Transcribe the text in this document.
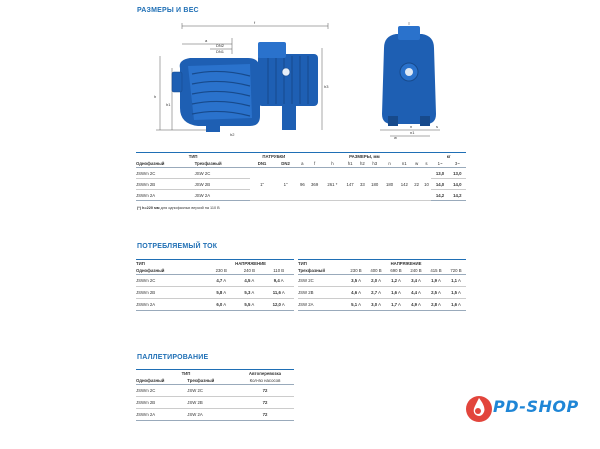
РАЗМЕРЫ И ВЕС
f
a
DN2
DN1
h
h1
h3
h2
n
n1
s
w
ТИП		ПАТРУБКИ		РАЗМЕРЫ, мм										кг	
Однофазный	Трехфазный	DN1	DN2	a	f	h	h1	h2	h3	n	n1	w	s	1~	3~
JSWm 2C	JSW 2C	1"	1"	96	369	261 *	147	33	180	180	142	22	10	13,0	13,0
JSWm 2B	JSW 2B													14,0	14,0
JSWm 2A	JSW 2A													14,2	14,2
(*) h=220 мм для однофазных версий на 110 В
ПОТРЕБЛЯЕМЫЙ ТОК
ТИП	НАПРЯЖЕНИЕ		
Однофазный	230 В	240 В	110 В
JSWm 2C	4,7 A	4,5 A	9,4 A
JSWm 2B	5,8 A	5,3 A	11,6 A
JSWm 2A	6,0 A	5,5 A	12,0 A
ТИП	НАПРЯЖЕНИЕ					
Трехфазный	230 В	400 В	690 В	240 В	415 В	720 В
JSW 2C	3,5 A	2,0 A	1,2 A	3,4 A	1,9 A	1,1 A
JSW 2B	4,6 A	2,7 A	1,6 A	4,4 A	2,5 A	1,5 A
JSW 2A	5,1 A	3,0 A	1,7 A	4,9 A	2,8 A	1,6 A
ПАЛЛЕТИРОВАНИЕ
ТИП		Автоперевозка
Однофазный	Трехфазный	Кол-во насосов
JSWm 2C	JSW 2C	72
JSWm 2B	JSW 2B	72
JSWm 2A	JSW 2A	72	PD-SHOP
